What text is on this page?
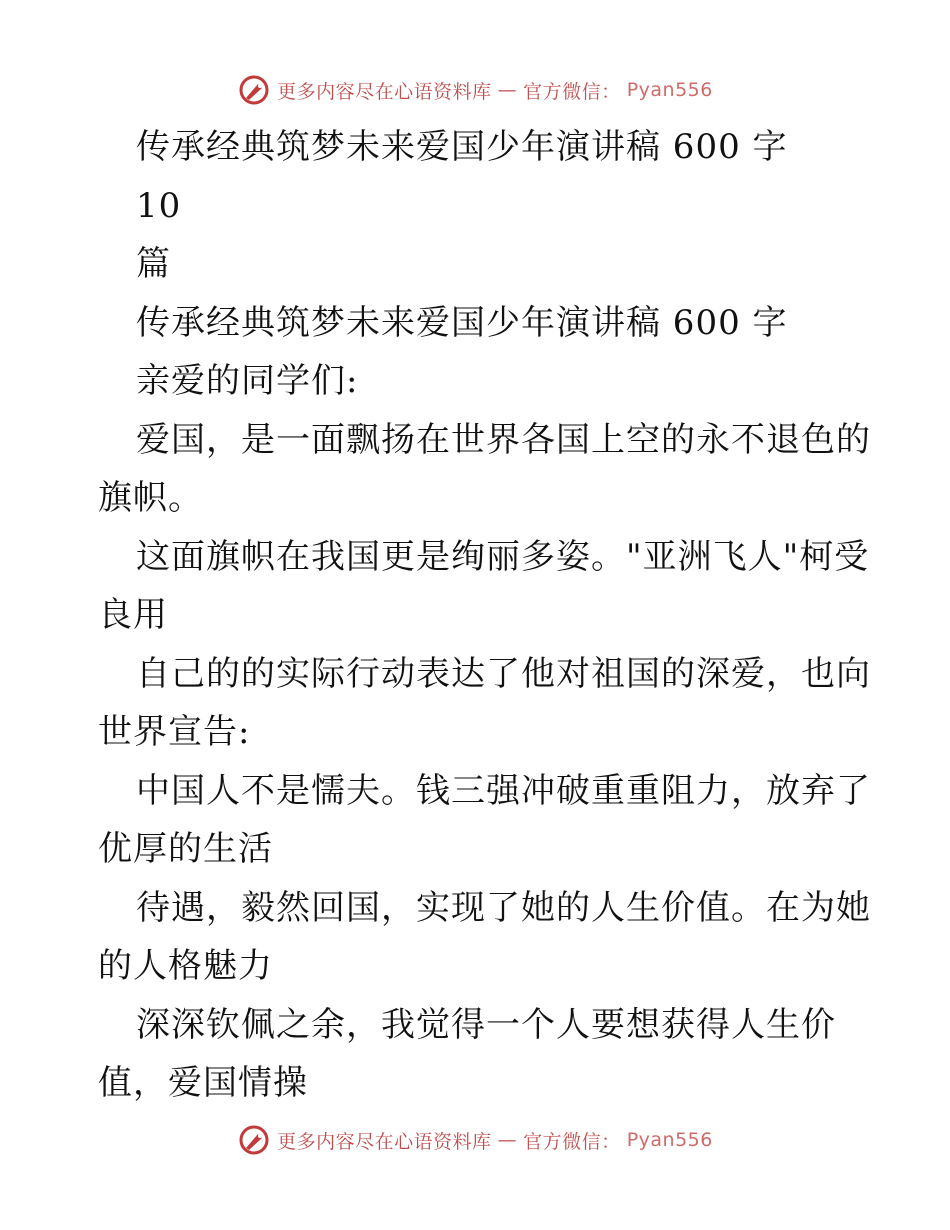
更多内容尽在心语资料库 — 官方微信： Pyan556
传承经典筑梦未来爱国少年演讲稿 600 字
10
篇
传承经典筑梦未来爱国少年演讲稿 600 字
亲爱的同学们:
爱国，是一面飘扬在世界各国上空的永不退色的
旗帜。
这面旗帜在我国更是绚丽多姿。"亚洲飞人"柯受
良用
自己的的实际行动表达了他对祖国的深爱，也向
世界宣告:
中国人不是懦夫。钱三强冲破重重阻力，放弃了
优厚的生活
待遇，毅然回国，实现了她的人生价值。在为她
的人格魅力
深深钦佩之余，我觉得一个人要想获得人生价
值，爱国情操
更多内容尽在心语资料库 — 官方微信： Pyan556
